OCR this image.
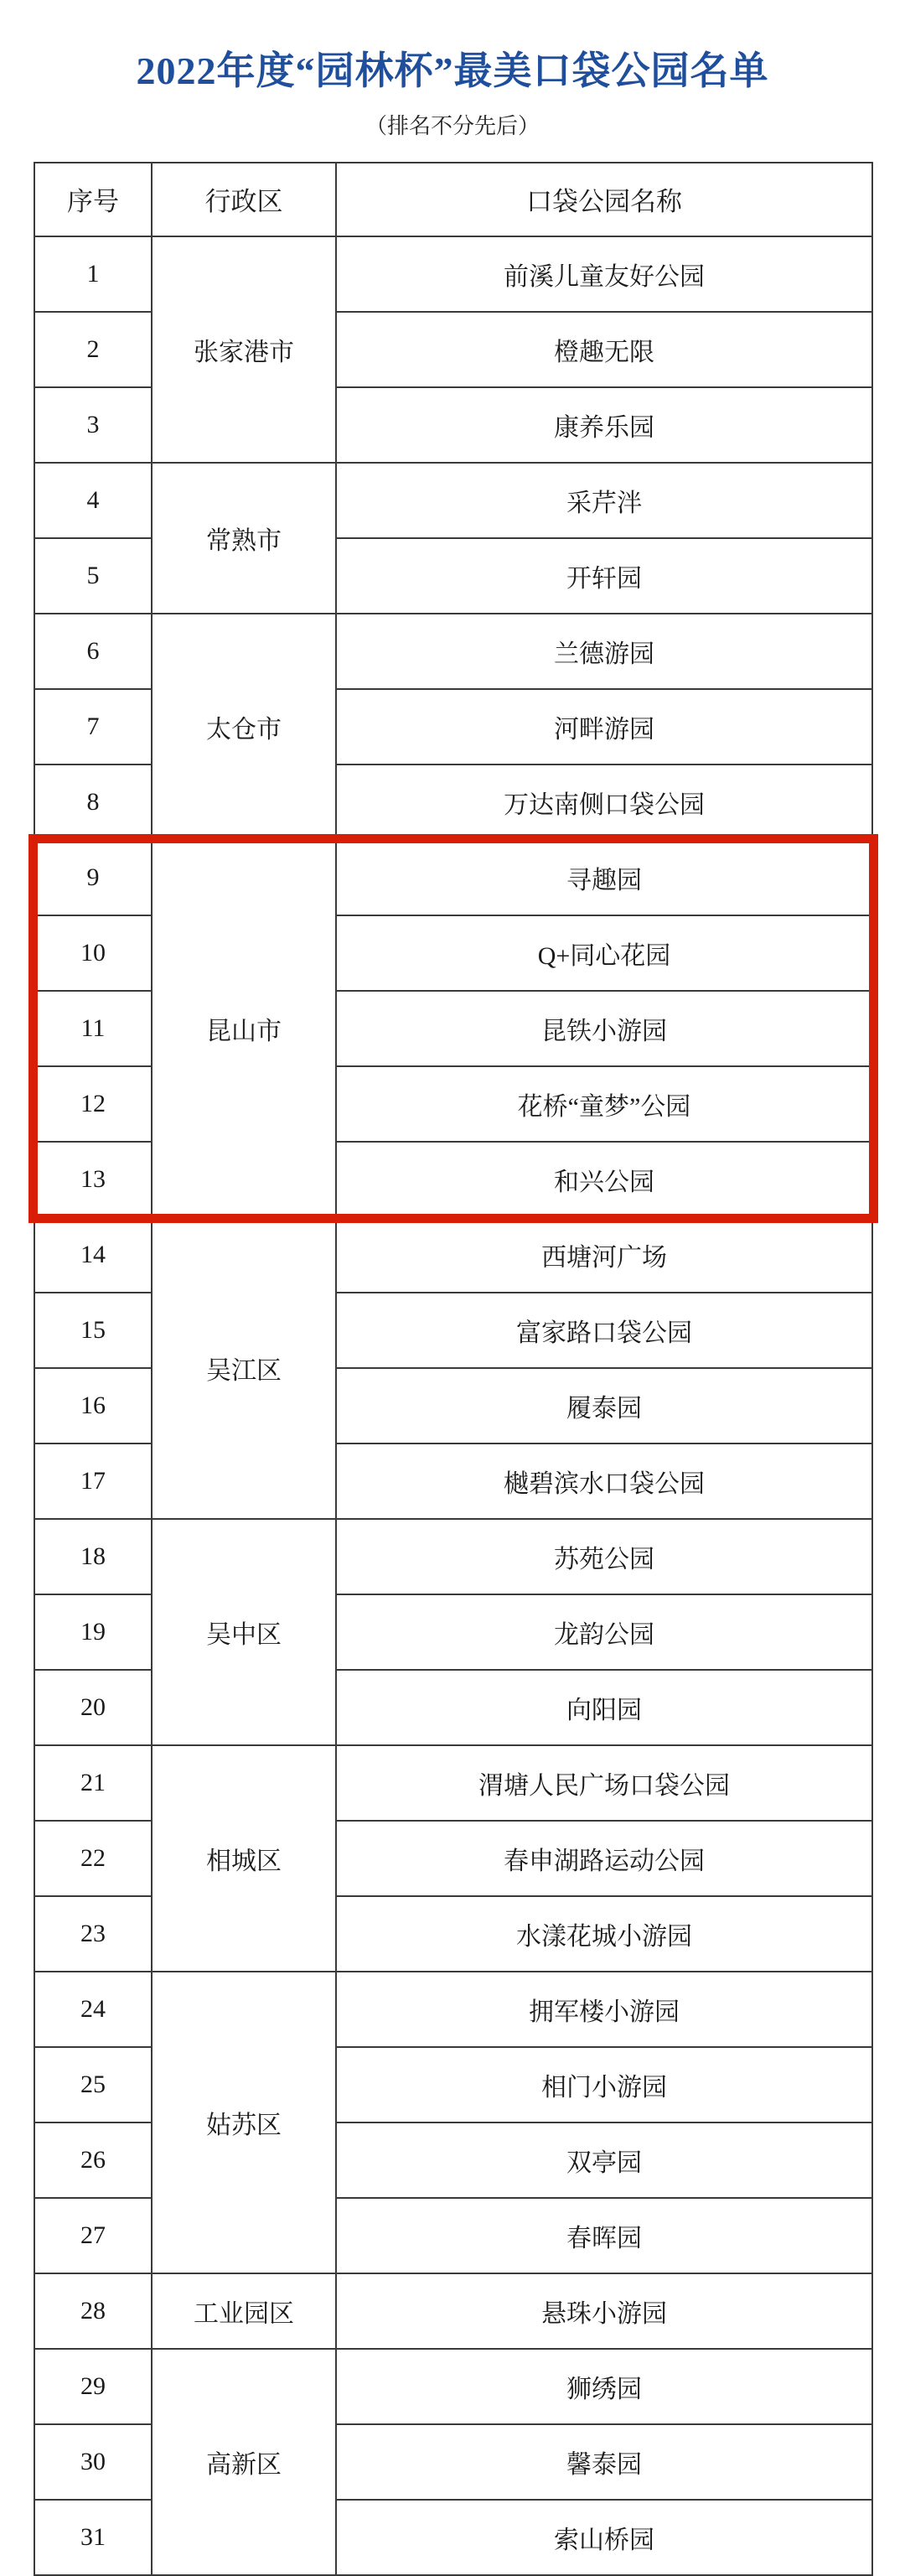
2022年度“园林杯”最美口袋公园名单
（排名不分先后）
序号	行政区	口袋公园名称
1	张家港市	前溪儿童友好公园
2		橙趣无限
3		康养乐园
4	常熟市	采芹泮
5		开轩园
6	太仓市	兰德游园
7		河畔游园
8		万达南侧口袋公园
9	昆山市	寻趣园
10		Q+同心花园
11		昆铁小游园
12		花桥“童梦”公园
13		和兴公园
14	吴江区	西塘河广场
15		富家路口袋公园
16		履泰园
17		樾碧滨水口袋公园
18	吴中区	苏苑公园
19		龙韵公园
20		向阳园
21	相城区	渭塘人民广场口袋公园
22		春申湖路运动公园
23		水漾花城小游园
24	姑苏区	拥军楼小游园
25		相门小游园
26		双亭园
27		春晖园
28	工业园区	悬珠小游园
29	高新区	狮绣园
30		馨泰园
31		索山桥园
